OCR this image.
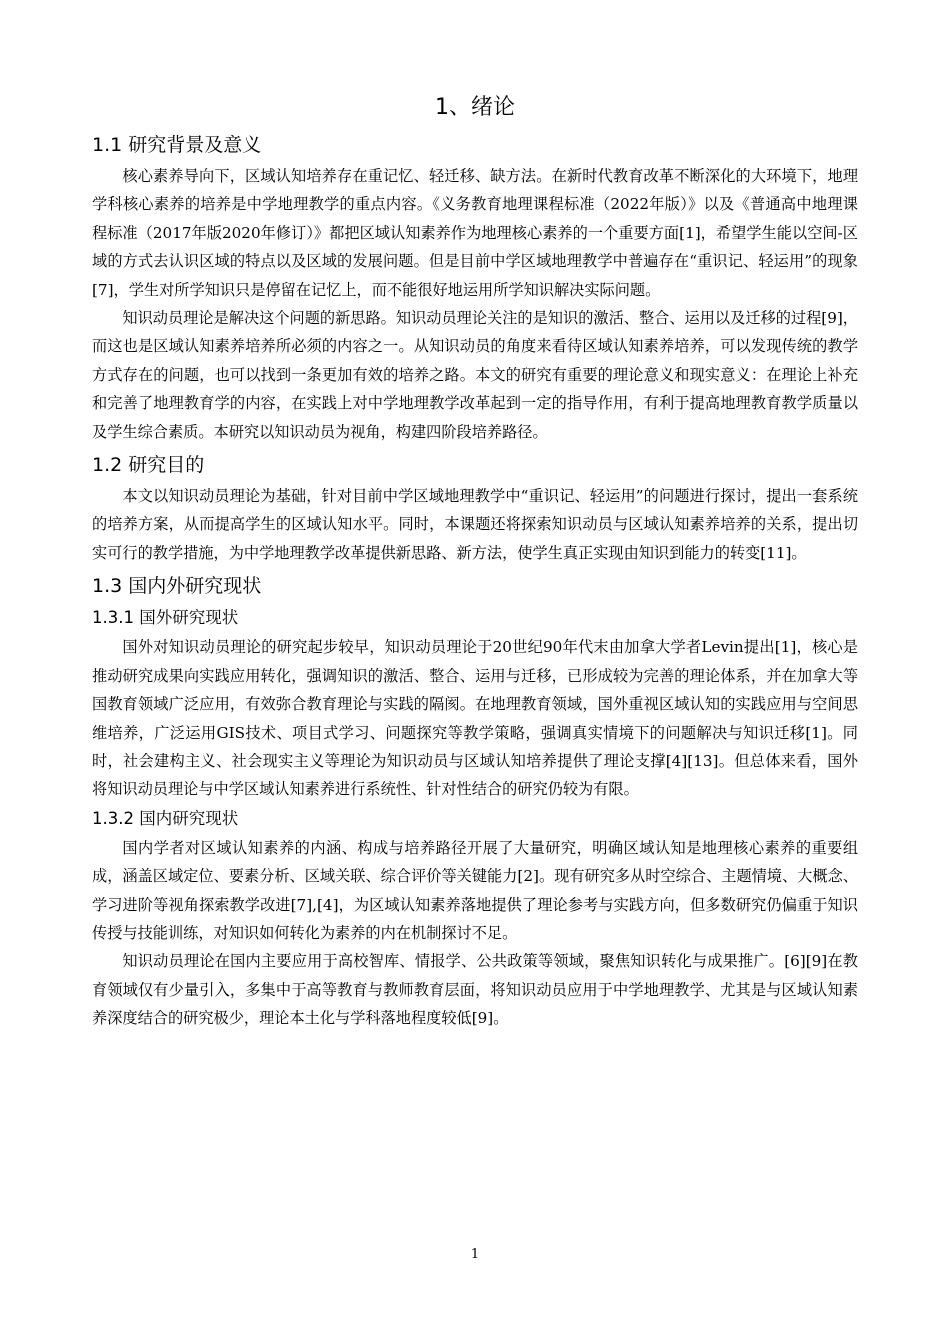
1、绪论
1.1 研究背景及意义

核心素养导向下，区域认知培养存在重记忆、轻迁移、缺方法。在新时代教育改革不断深化的大环境下，地理学科核心素养的培养是中学地理教学的重点内容。《义务教育地理课程标准（2022年版）》以及《普通高中地理课程标准（2017年版2020年修订）》都把区域认知素养作为地理核心素养的一个重要方面[1]，希望学生能以空间-区域的方式去认识区域的特点以及区域的发展问题。但是目前中学区域地理教学中普遍存在“重识记、轻运用”的现象[7]，学生对所学知识只是停留在记忆上，而不能很好地运用所学知识解决实际问题。

知识动员理论是解决这个问题的新思路。知识动员理论关注的是知识的激活、整合、运用以及迁移的过程[9]，而这也是区域认知素养培养所必须的内容之一。从知识动员的角度来看待区域认知素养培养，可以发现传统的教学方式存在的问题，也可以找到一条更加有效的培养之路。本文的研究有重要的理论意义和现实意义：在理论上补充和完善了地理教育学的内容，在实践上对中学地理教学改革起到一定的指导作用，有利于提高地理教育教学质量以及学生综合素质。本研究以知识动员为视角，构建四阶段培养路径。

1.2 研究目的

本文以知识动员理论为基础，针对目前中学区域地理教学中“重识记、轻运用”的问题进行探讨，提出一套系统的培养方案，从而提高学生的区域认知水平。同时，本课题还将探索知识动员与区域认知素养培养的关系，提出切实可行的教学措施，为中学地理教学改革提供新思路、新方法，使学生真正实现由知识到能力的转变[11]。

1.3 国内外研究现状
1.3.1 国外研究现状

国外对知识动员理论的研究起步较早，知识动员理论于20世纪90年代末由加拿大学者Levin提出[1]，核心是推动研究成果向实践应用转化，强调知识的激活、整合、运用与迁移，已形成较为完善的理论体系，并在加拿大等国教育领域广泛应用，有效弥合教育理论与实践的隔阂。在地理教育领域，国外重视区域认知的实践应用与空间思维培养，广泛运用GIS技术、项目式学习、问题探究等教学策略，强调真实情境下的问题解决与知识迁移[1]。同时，社会建构主义、社会现实主义等理论为知识动员与区域认知培养提供了理论支撑[4][13]。但总体来看，国外将知识动员理论与中学区域认知素养进行系统性、针对性结合的研究仍较为有限。

1.3.2 国内研究现状

国内学者对区域认知素养的内涵、构成与培养路径开展了大量研究，明确区域认知是地理核心素养的重要组成，涵盖区域定位、要素分析、区域关联、综合评价等关键能力[2]。现有研究多从时空综合、主题情境、大概念、学习进阶等视角探索教学改进[7],[4]，为区域认知素养落地提供了理论参考与实践方向，但多数研究仍偏重于知识传授与技能训练，对知识如何转化为素养的内在机制探讨不足。

知识动员理论在国内主要应用于高校智库、情报学、公共政策等领域，聚焦知识转化与成果推广。[6][9]在教育领域仅有少量引入，多集中于高等教育与教师教育层面，将知识动员应用于中学地理教学、尤其是与区域认知素养深度结合的研究极少，理论本土化与学科落地程度较低[9]。

1
